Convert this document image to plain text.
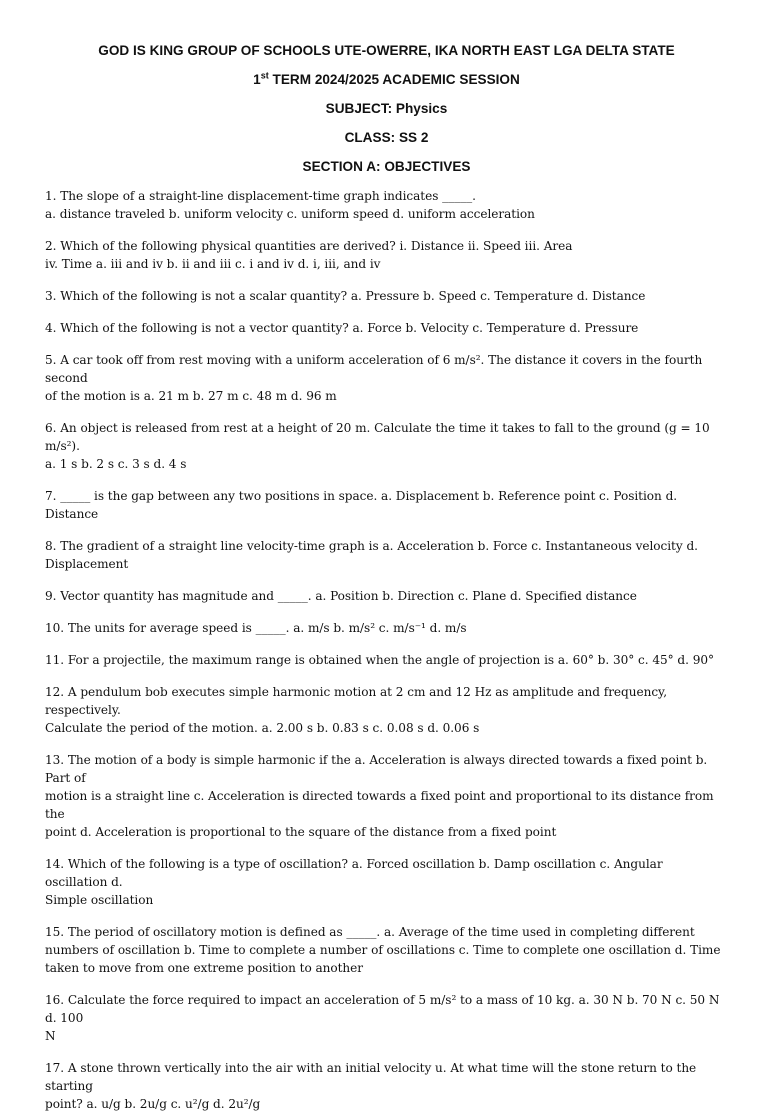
GOD IS KING GROUP OF SCHOOLS UTE-OWERRE, IKA NORTH EAST LGA DELTA STATE
1st TERM 2024/2025 ACADEMIC SESSION
SUBJECT: Physics
CLASS: SS 2
SECTION A: OBJECTIVES

1. The slope of a straight-line displacement-time graph indicates _____.

a. distance traveled b. uniform velocity c. uniform speed d. uniform acceleration

2. Which of the following physical quantities are derived? i. Distance ii. Speed iii. Area

iv. Time a. iii and iv b. ii and iii c. i and iv d. i, iii, and iv

3. Which of the following is not a scalar quantity? a. Pressure b. Speed c. Temperature d. Distance

4. Which of the following is not a vector quantity? a. Force b. Velocity c. Temperature d. Pressure

5. A car took off from rest moving with a uniform acceleration of 6 m/s². The distance it covers in the fourth second

of the motion is a. 21 m b. 27 m c. 48 m d. 96 m

6. An object is released from rest at a height of 20 m. Calculate the time it takes to fall to the ground (g = 10 m/s²).

a. 1 s b. 2 s c. 3 s d. 4 s

7. _____ is the gap between any two positions in space. a. Displacement b. Reference point c. Position d. Distance

8. The gradient of a straight line velocity-time graph is a. Acceleration b. Force c. Instantaneous velocity d.

Displacement

9. Vector quantity has magnitude and _____. a. Position b. Direction c. Plane d. Specified distance

10. The units for average speed is _____. a. m/s b. m/s² c. m/s⁻¹ d. m/s

11. For a projectile, the maximum range is obtained when the angle of projection is a. 60° b. 30° c. 45° d. 90°

12. A pendulum bob executes simple harmonic motion at 2 cm and 12 Hz as amplitude and frequency, respectively.

Calculate the period of the motion. a. 2.00 s b. 0.83 s c. 0.08 s d. 0.06 s

13. The motion of a body is simple harmonic if the a. Acceleration is always directed towards a fixed point b. Part of

motion is a straight line c. Acceleration is directed towards a fixed point and proportional to its distance from the

point d. Acceleration is proportional to the square of the distance from a fixed point

14. Which of the following is a type of oscillation? a. Forced oscillation b. Damp oscillation c. Angular oscillation d.

Simple oscillation

15. The period of oscillatory motion is defined as _____. a. Average of the time used in completing different

numbers of oscillation b. Time to complete a number of oscillations c. Time to complete one oscillation d. Time

taken to move from one extreme position to another

16. Calculate the force required to impact an acceleration of 5 m/s² to a mass of 10 kg. a. 30 N b. 70 N c. 50 N d. 100

N

17. A stone thrown vertically into the air with an initial velocity u. At what time will the stone return to the starting

point? a. u/g b. 2u/g c. u²/g d. 2u²/g
